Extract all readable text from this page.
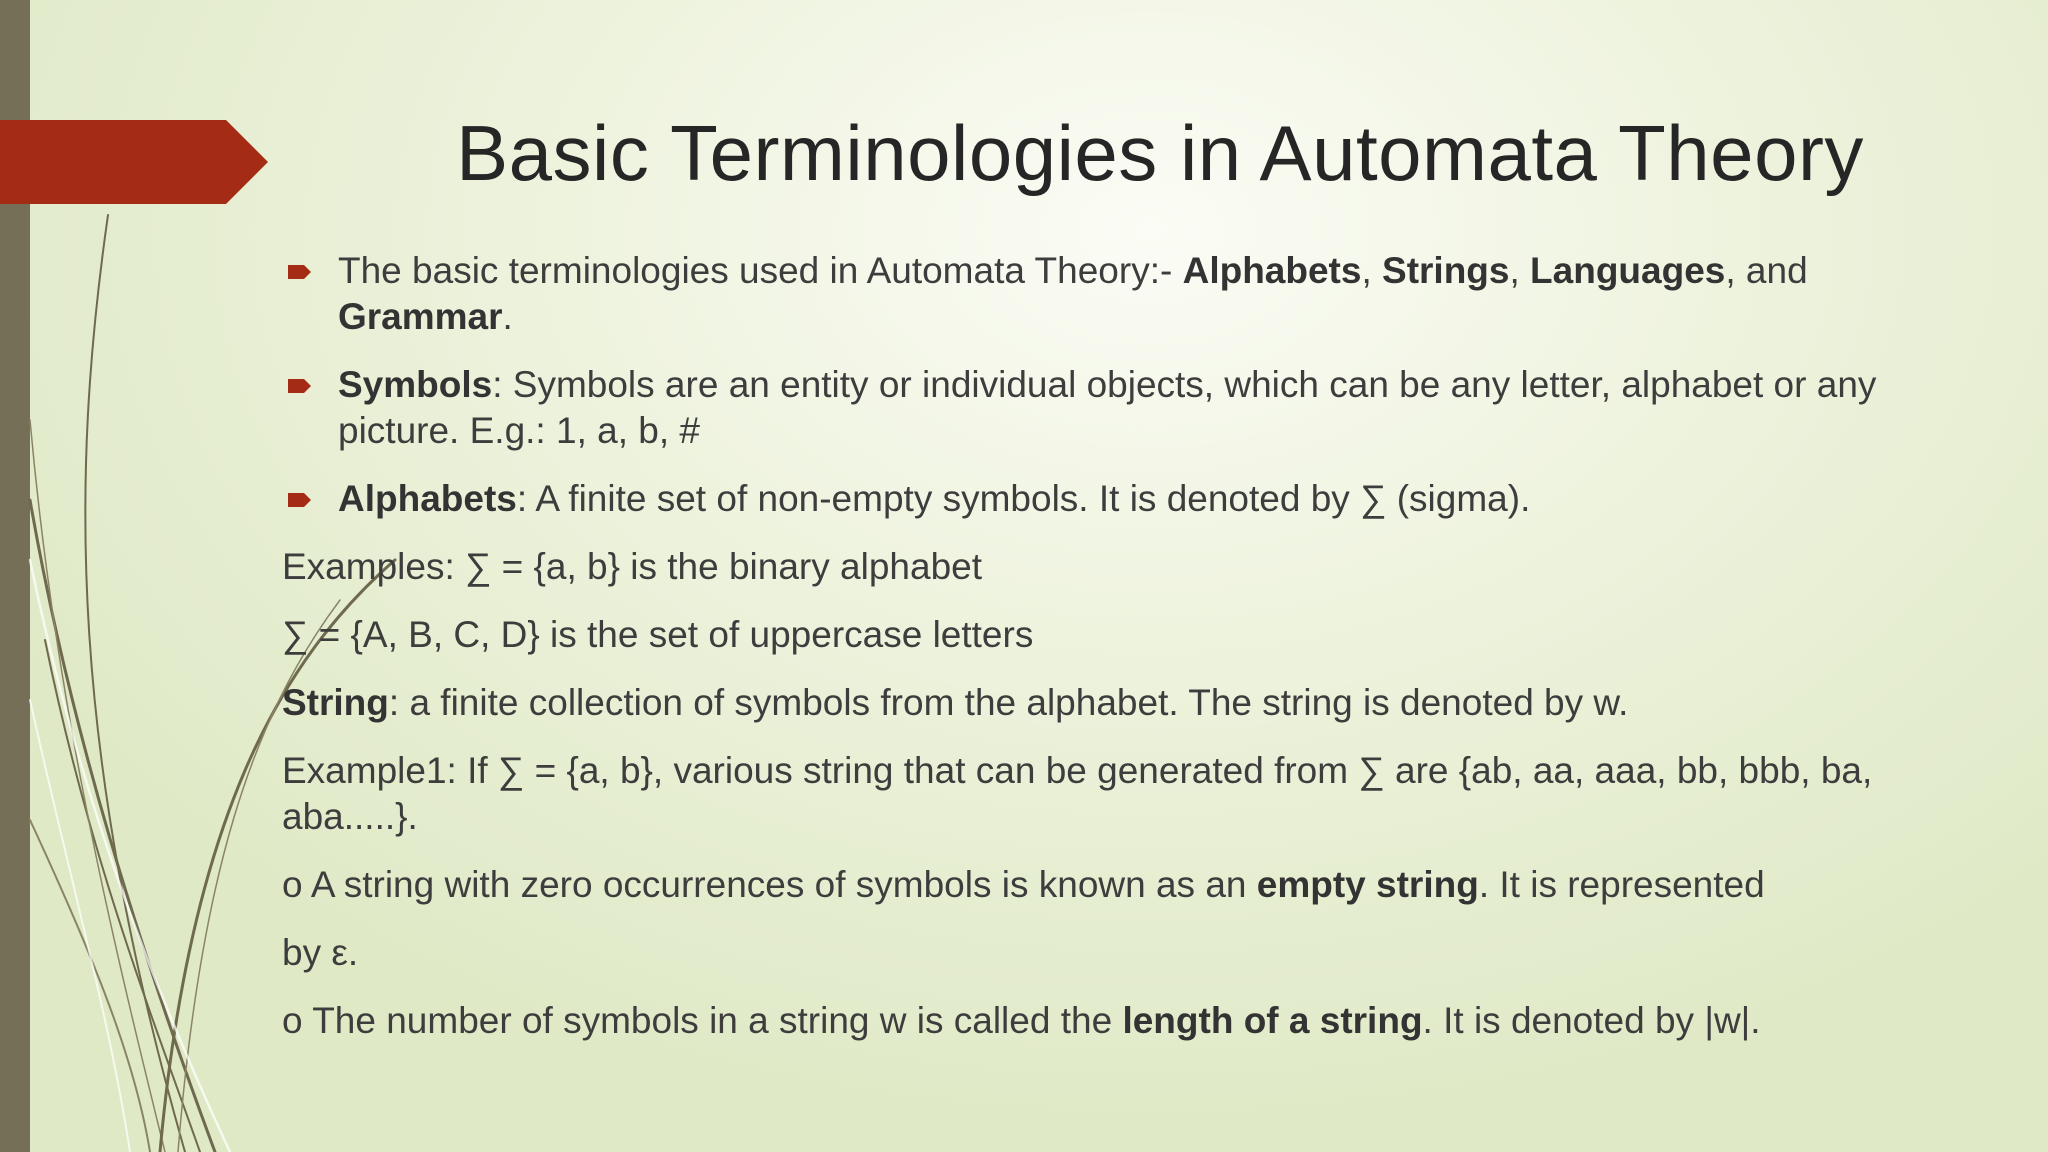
Basic Terminologies in Automata Theory
The basic terminologies used in Automata Theory:- Alphabets, Strings, Languages, and Grammar.
Symbols: Symbols are an entity or individual objects, which can be any letter, alphabet or any picture. E.g.: 1, a, b, #
Alphabets: A finite set of non-empty symbols. It is denoted by ∑ (sigma).
Examples: ∑ = {a, b} is the binary alphabet
∑ = {A, B, C, D} is the set of uppercase letters
String: a finite collection of symbols from the alphabet. The string is denoted by w.
Example1: If ∑ = {a, b}, various string that can be generated from ∑ are {ab, aa, aaa, bb, bbb, ba, aba.....}.
o A string with zero occurrences of symbols is known as an empty string. It is represented
by ε.
o The number of symbols in a string w is called the length of a string. It is denoted by |w|.
